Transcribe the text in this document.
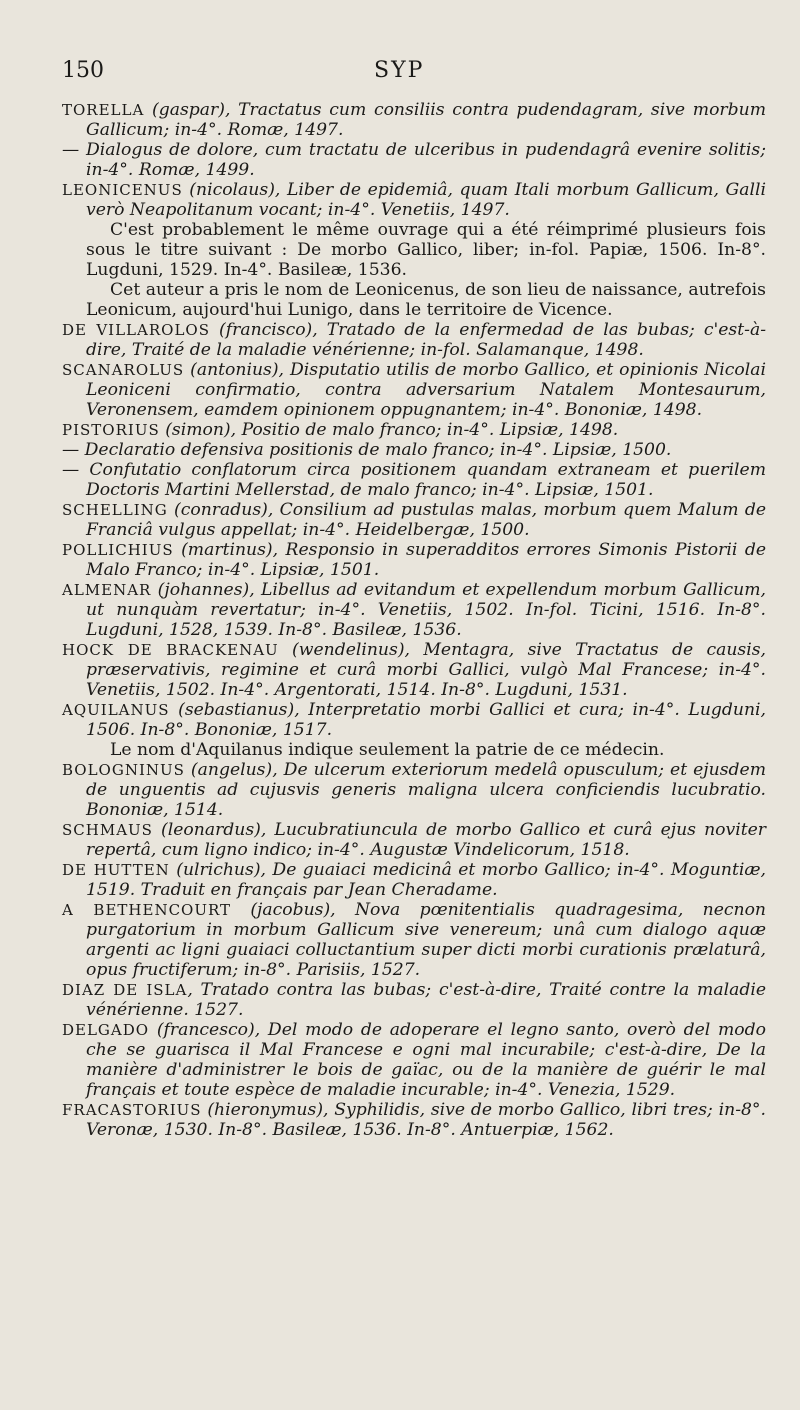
150	SYP

TORELLA (gaspar), Tractatus cum consiliis contra pudendagram, sive morbum Gallicum; in-4°. Romæ, 1497.

— Dialogus de dolore, cum tractatu de ulceribus in pudendagrâ evenire solitis; in-4°. Romæ, 1499.

LEONICENUS (nicolaus), Liber de epidemiâ, quam Itali morbum Gallicum, Galli verò Neapolitanum vocant; in-4°. Venetiis, 1497.

C'est probablement le même ouvrage qui a été réimprimé plusieurs fois sous le titre suivant : De morbo Gallico, liber; in-fol. Papiæ, 1506. In-8°. Lugduni, 1529. In-4°. Basileæ, 1536.

Cet auteur a pris le nom de Leonicenus, de son lieu de naissance, autrefois Leonicum, aujourd'hui Lunigo, dans le territoire de Vicence.

DE VILLAROLOS (francisco), Tratado de la enfermedad de las bubas; c'est-à-dire, Traité de la maladie vénérienne; in-fol. Salamanque, 1498.

SCANAROLUS (antonius), Disputatio utilis de morbo Gallico, et opinionis Nicolai Leoniceni confirmatio, contra adversarium Natalem Montesaurum, Veronensem, eamdem opinionem oppugnantem; in-4°. Bononiæ, 1498.

PISTORIUS (simon), Positio de malo franco; in-4°. Lipsiæ, 1498.

— Declaratio defensiva positionis de malo franco; in-4°. Lipsiæ, 1500.

— Confutatio conflatorum circa positionem quandam extraneam et puerilem Doctoris Martini Mellerstad, de malo franco; in-4°. Lipsiæ, 1501.

SCHELLING (conradus), Consilium ad pustulas malas, morbum quem Malum de Franciâ vulgus appellat; in-4°. Heidelbergæ, 1500.

POLLICHIUS (martinus), Responsio in superadditos errores Simonis Pistorii de Malo Franco; in-4°. Lipsiæ, 1501.

ALMENAR (johannes), Libellus ad evitandum et expellendum morbum Gallicum, ut nunquàm revertatur; in-4°. Venetiis, 1502. In-fol. Ticini, 1516. In-8°. Lugduni, 1528, 1539. In-8°. Basileæ, 1536.

HOCK DE BRACKENAU (wendelinus), Mentagra, sive Tractatus de causis, præservativis, regimine et curâ morbi Gallici, vulgò Mal Francese; in-4°. Venetiis, 1502. In-4°. Argentorati, 1514. In-8°. Lugduni, 1531.

AQUILANUS (sebastianus), Interpretatio morbi Gallici et cura; in-4°. Lugduni, 1506. In-8°. Bononiæ, 1517.

Le nom d'Aquilanus indique seulement la patrie de ce médecin.

BOLOGNINUS (angelus), De ulcerum exteriorum medelâ opusculum; et ejusdem de unguentis ad cujusvis generis maligna ulcera conficiendis lucubratio. Bononiæ, 1514.

SCHMAUS (leonardus), Lucubratiuncula de morbo Gallico et curâ ejus noviter repertâ, cum ligno indico; in-4°. Augustæ Vindelicorum, 1518.

DE HUTTEN (ulrichus), De guaiaci medicinâ et morbo Gallico; in-4°. Moguntiæ, 1519. Traduit en français par Jean Cheradame.

A BETHENCOURT (jacobus), Nova pœnitentialis quadragesima, necnon purgatorium in morbum Gallicum sive venereum; unâ cum dialogo aquæ argenti ac ligni guaiaci colluctantium super dicti morbi curationis prælaturâ, opus fructiferum; in-8°. Parisiis, 1527.

DIAZ DE ISLA, Tratado contra las bubas; c'est-à-dire, Traité contre la maladie vénérienne. 1527.

DELGADO (francesco), Del modo de adoperare el legno santo, overò del modo che se guarisca il Mal Francese e ogni mal incurabile; c'est-à-dire, De la manière d'administrer le bois de gaïac, ou de la manière de guérir le mal français et toute espèce de maladie incurable; in-4°. Venezia, 1529.

FRACASTORIUS (hieronymus), Syphilidis, sive de morbo Gallico, libri tres; in-8°. Veronæ, 1530. In-8°. Basileæ, 1536. In-8°. Antuerpiæ, 1562.
